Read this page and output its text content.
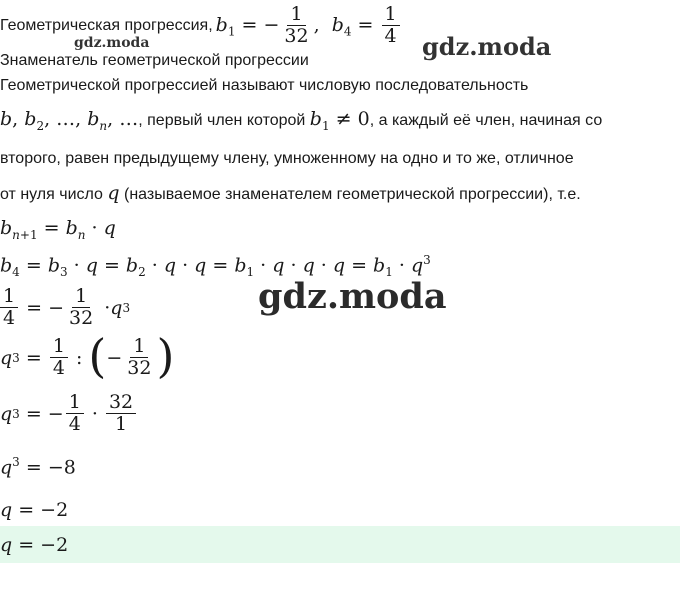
Геометрическая прогрессия, $b_1$ = − $\frac{1}{32}$ ,  $b_4 = \frac{1}{4}$
gdz.moda	gdz.moda
Знаменатель геометрической прогрессии
Геометрической прогрессией называют числовую последовательность
b, $b_2$, …, $b_n$, …, первый член которой $b_1 \ne 0$, а каждый её член, начиная со
второго, равен предыдущему члену, умноженному на одно и то же, отличное
от нуля число q (называемое знаменателем геометрической прогрессии), т.е.
$b_{n+1} = b_n \cdot q$
$b_4 = b_3 \cdot q = b_2 \cdot q \cdot q = b_1 \cdot q \cdot q \cdot q = b_1 \cdot q^3$
gdz.moda
$\frac{1}{4}$ = − $\frac{1}{32} \cdot q$ 3
q $3 = \frac{1}{4}$ : ( − $\frac{1}{32}$ )
q 3 = − $\frac{1}{4} \cdot \frac{32}{1}$
$q^3 = -8$
q = −2
q = −2
